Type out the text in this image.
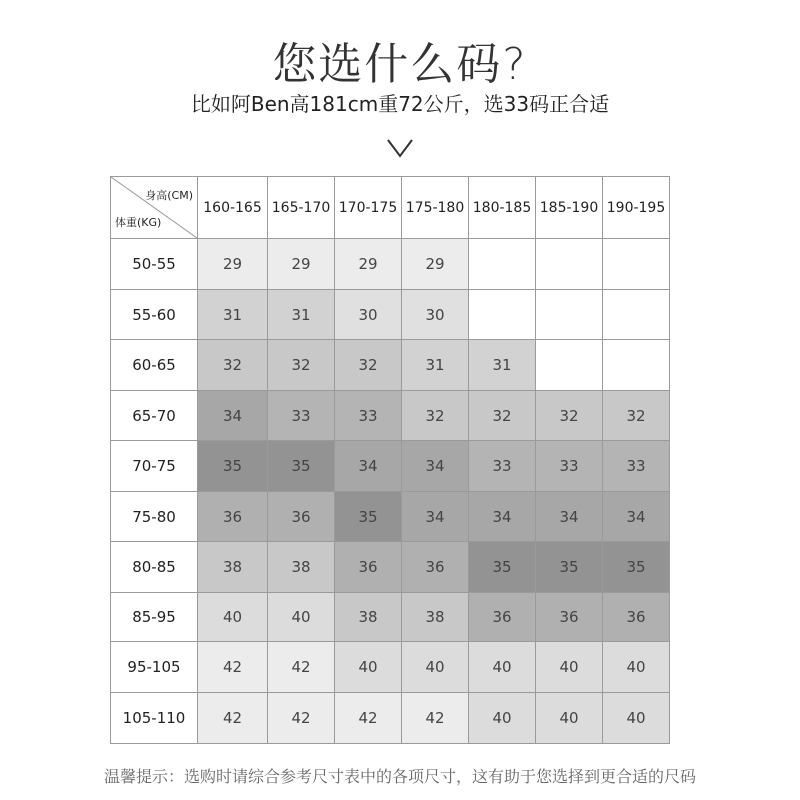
您选什么码?
比如阿Ben高181cm重72公斤，选33码正合适
身高(CM)
体重(KG)
160-165 165-170 170-175 175-180 180-185 185-190 190-195
50-55	29	29	29	29
55-60	31	31	30	30
60-65	32	32	32	31	31
65-70	34	33	33	32	32	32	32
70-75	35	35	34	34	33	33	33
75-80	36	36	35	34	34	34	34
80-85	38	38	36	36	35	35	35
85-95	40	40	38	38	36	36	36
95-105	42	42	40	40	40	40	40
105-110	42	42	42	42	40	40	40
温馨提示：选购时请综合参考尺寸表中的各项尺寸，这有助于您选择到更合适的尺码
